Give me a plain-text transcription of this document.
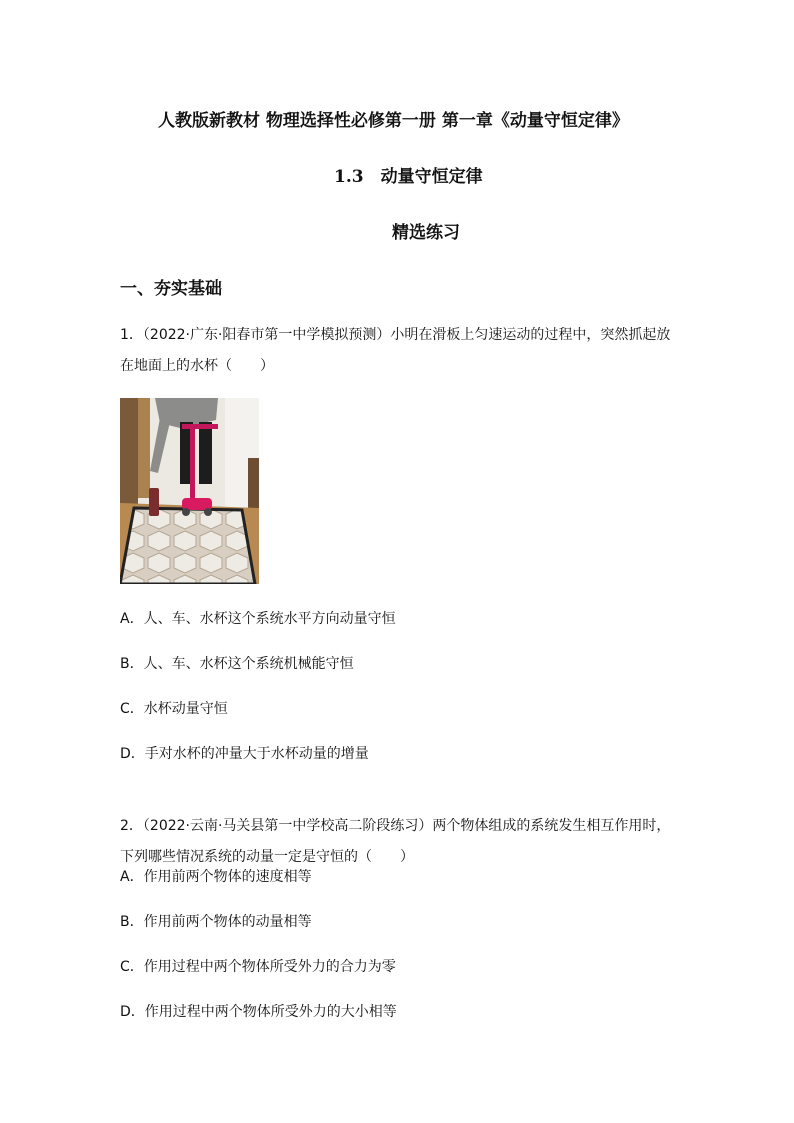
人教版新教材 物理选择性必修第一册 第一章《动量守恒定律》
1.3　动量守恒定律
精选练习
一、夯实基础
1．（2022·广东·阳春市第一中学模拟预测）小明在滑板上匀速运动的过程中，突然抓起放在地面上的水杯（　　）
A．人、车、水杯这个系统水平方向动量守恒
B．人、车、水杯这个系统机械能守恒
C．水杯动量守恒
D．手对水杯的冲量大于水杯动量的增量
2．（2022·云南·马关县第一中学校高二阶段练习）两个物体组成的系统发生相互作用时，下列哪些情况系统的动量一定是守恒的（　　）
A．作用前两个物体的速度相等
B．作用前两个物体的动量相等
C．作用过程中两个物体所受外力的合力为零
D．作用过程中两个物体所受外力的大小相等
